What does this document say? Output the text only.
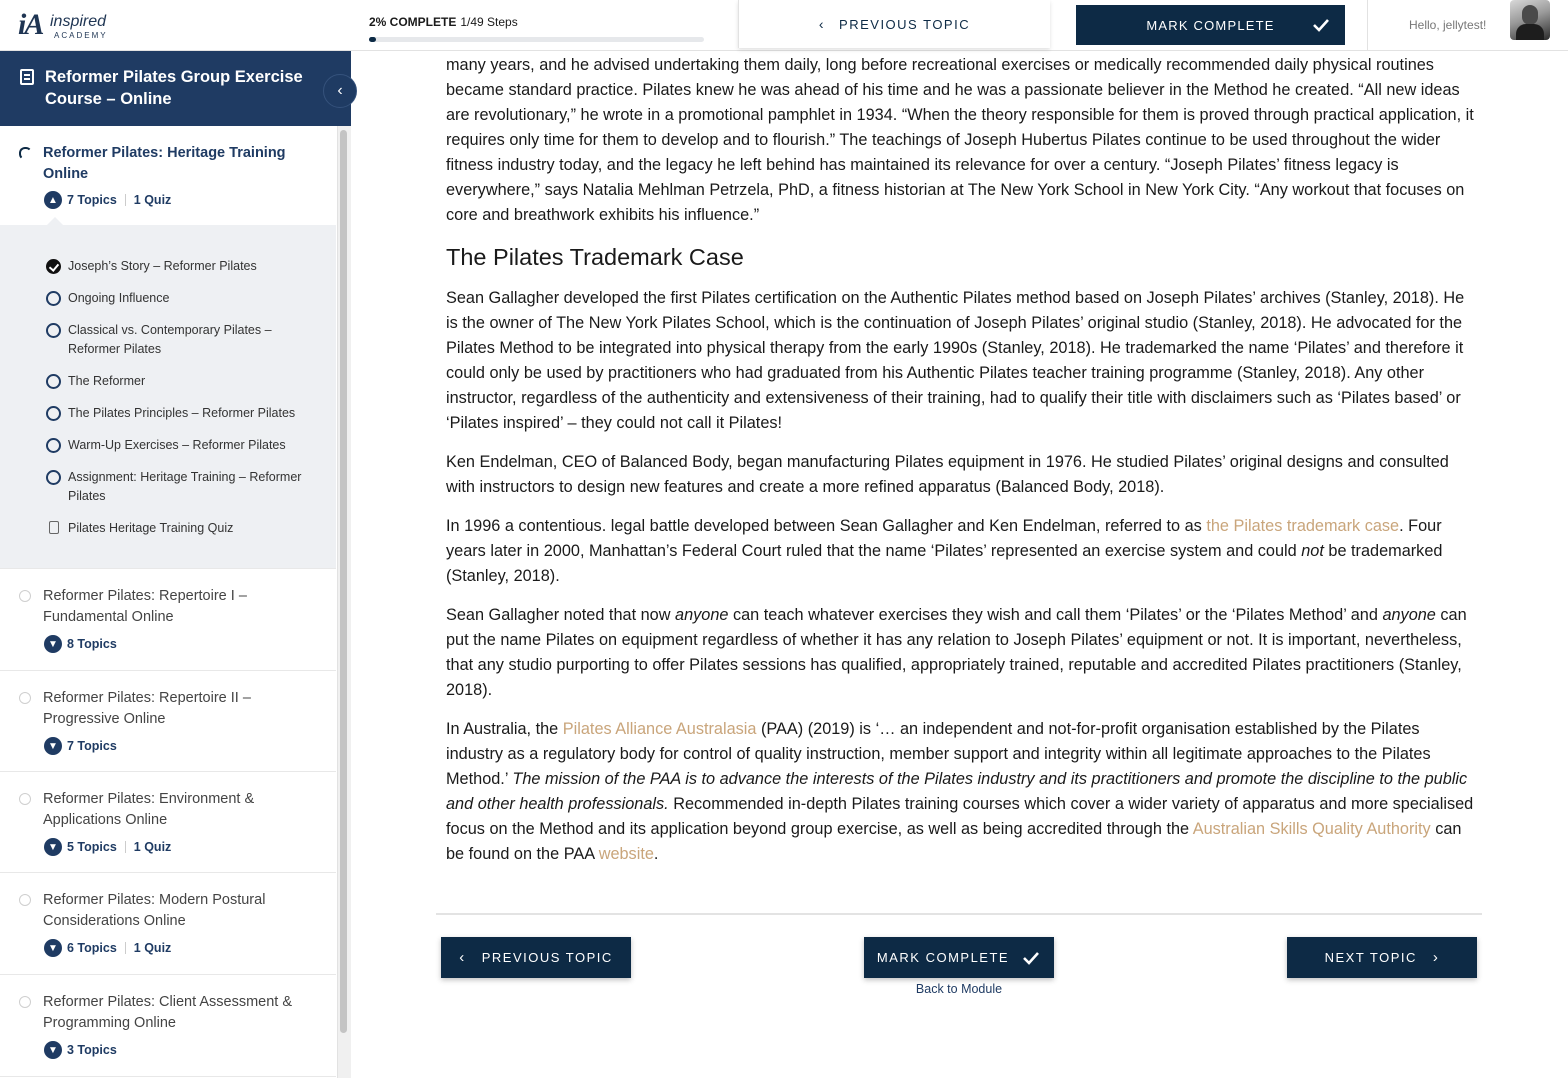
iA inspired
ACADEMY
2% COMPLETE 1/49 Steps	‹ PREVIOUS TOPIC	MARK COMPLETE	Hello, jellytest!
Reformer Pilates Group Exercise Course – Online	‹
Reformer Pilates: Heritage Training Online
▲ 7 Topics 1 Quiz
Joseph’s Story – Reformer Pilates
Ongoing Influence
Classical vs. Contemporary Pilates – Reformer Pilates
The Reformer
The Pilates Principles – Reformer Pilates
Warm-Up Exercises – Reformer Pilates
Assignment: Heritage Training – Reformer Pilates
Pilates Heritage Training Quiz
Reformer Pilates: Repertoire I – Fundamental Online
▼ 8 Topics
Reformer Pilates: Repertoire II – Progressive Online
▼ 7 Topics
Reformer Pilates: Environment & Applications Online
▼ 5 Topics 1 Quiz
Reformer Pilates: Modern Postural Considerations Online
▼ 6 Topics 1 Quiz
Reformer Pilates: Client Assessment & Programming Online
▼ 3 Topics

many years, and he advised undertaking them daily, long before recreational exercises or medically recommended daily physical routines became standard practice. Pilates knew he was ahead of his time and he was a passionate believer in the Method he created. “All new ideas are revolutionary,” he wrote in a promotional pamphlet in 1934. “When the theory responsible for them is proved through practical application, it requires only time for them to develop and to flourish.” The teachings of Joseph Hubertus Pilates continue to be used throughout the wider fitness industry today, and the legacy he left behind has maintained its relevance for over a century. “Joseph Pilates’ fitness legacy is everywhere,” says Natalia Mehlman Petrzela, PhD, a fitness historian at The New York School in New York City. “Any workout that focuses on core and breathwork exhibits his influence.”

The Pilates Trademark Case

Sean Gallagher developed the first Pilates certification on the Authentic Pilates method based on Joseph Pilates’ archives (Stanley, 2018). He is the owner of The New York Pilates School, which is the continuation of Joseph Pilates’ original studio (Stanley, 2018). He advocated for the Pilates Method to be integrated into physical therapy from the early 1990s (Stanley, 2018). He trademarked the name ‘Pilates’ and therefore it could only be used by practitioners who had graduated from his Authentic Pilates teacher training programme (Stanley, 2018). Any other instructor, regardless of the authenticity and extensiveness of their training, had to qualify their title with disclaimers such as ‘Pilates based’ or ‘Pilates inspired’ – they could not call it Pilates!

Ken Endelman, CEO of Balanced Body, began manufacturing Pilates equipment in 1976. He studied Pilates’ original designs and consulted with instructors to design new features and create a more refined apparatus (Balanced Body, 2018).

In 1996 a contentious. legal battle developed between Sean Gallagher and Ken Endelman, referred to as the Pilates trademark case. Four years later in 2000, Manhattan’s Federal Court ruled that the name ‘Pilates’ represented an exercise system and could not be trademarked (Stanley, 2018).

Sean Gallagher noted that now anyone can teach whatever exercises they wish and call them ‘Pilates’ or the ‘Pilates Method’ and anyone can put the name Pilates on equipment regardless of whether it has any relation to Joseph Pilates’ equipment or not. It is important, nevertheless, that any studio purporting to offer Pilates sessions has qualified, appropriately trained, reputable and accredited Pilates practitioners (Stanley, 2018).

In Australia, the Pilates Alliance Australasia (PAA) (2019) is ‘… an independent and not-for-profit organisation established by the Pilates industry as a regulatory body for control of quality instruction, member support and integrity within all legitimate approaches to the Pilates Method.’ The mission of the PAA is to advance the interests of the Pilates industry and its practitioners and promote the discipline to the public and other health professionals. Recommended in-depth Pilates training courses which cover a wider variety of apparatus and more specialised focus on the Method and its application beyond group exercise, as well as being accredited through the Australian Skills Quality Authority can be found on the PAA website.

‹ PREVIOUS TOPIC	MARK COMPLETE	NEXT TOPIC ›
Back to Module
